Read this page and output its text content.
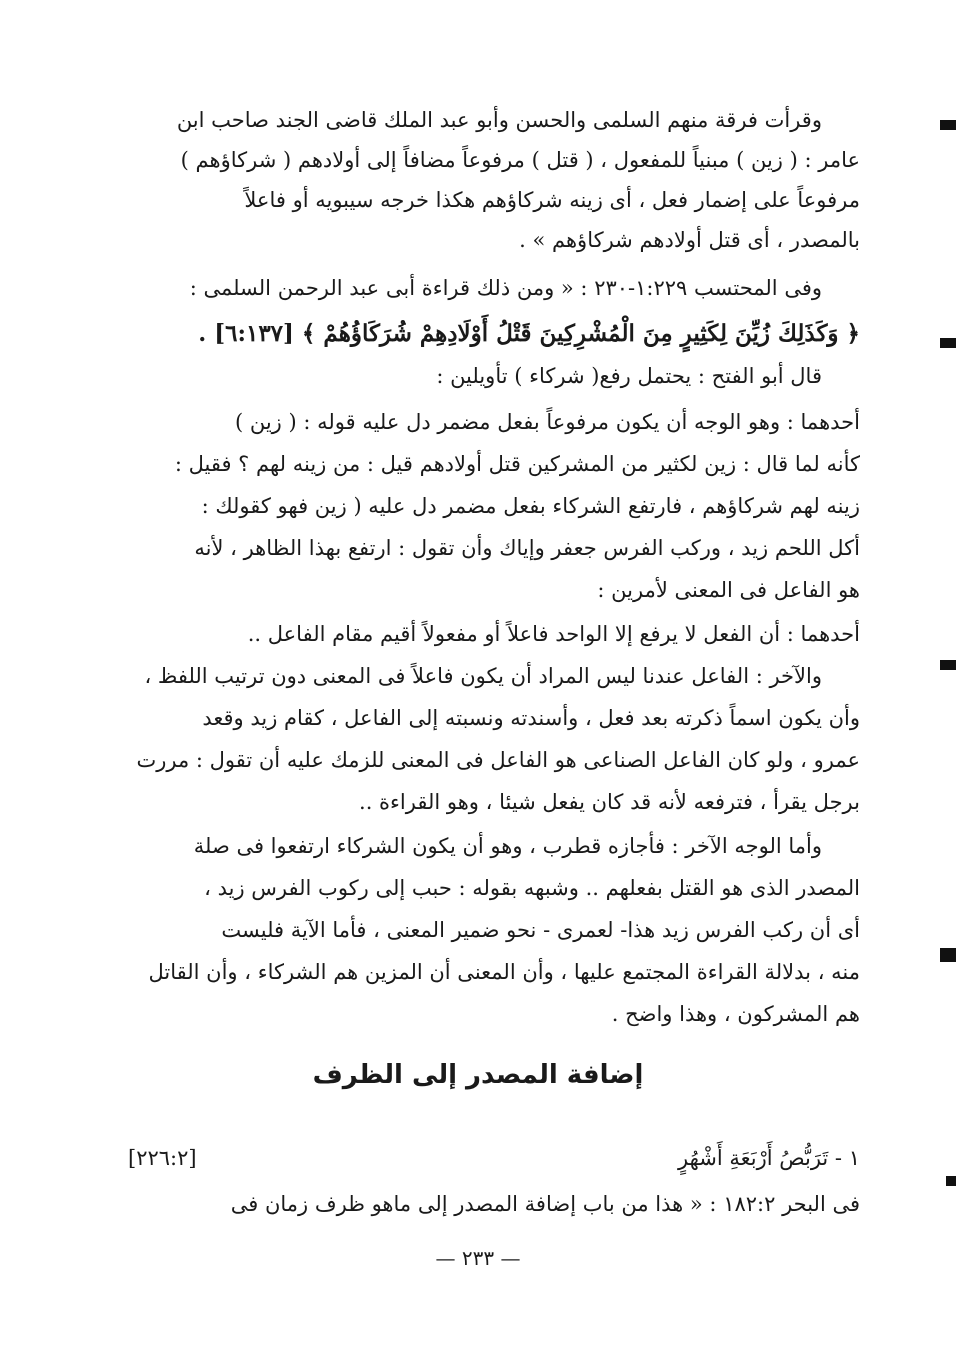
وقرأت فرقة منهم السلمى والحسن وأبو عبد الملك قاضى الجند صاحب ابن
عامر : ( زين ) مبنياً للمفعول ، ( قتل ) مرفوعاً مضافاً إلى أولادهم ( شركاؤهم )
مرفوعاً على إضمار فعل ، أى زينه شركاؤهم هكذا خرجه سيبويه أو فاعلاً
بالمصدر ، أى قتل أولادهم شركاؤهم » .
وفى المحتسب ١:٢٢٩-٢٣٠ : « ومن ذلك قراءة أبى عبد الرحمن السلمى :
﴿ وَكَذَلِكَ زُيِّنَ لِكَثِيرٍ مِنَ الْمُشْرِكِينَ قَتْلُ أَوْلَادِهِمْ شُرَكَاؤُهُمْ ﴾ [٦:١٣٧] .
قال أبو الفتح : يحتمل رفع( شركاء ) تأويلين :
أحدهما : وهو الوجه أن يكون مرفوعاً بفعل مضمر دل عليه قوله : ( زين )
كأنه لما قال : زين لكثير من المشركين قتل أولادهم قيل : من زينه لهم ؟ فقيل :
زينه لهم شركاؤهم ، فارتفع الشركاء بفعل مضمر دل عليه ( زين فهو كقولك :
أكل اللحم زيد ، وركب الفرس جعفر وإياك وأن تقول : ارتفع بهذا الظاهر ، لأنه
هو الفاعل فى المعنى لأمرين :
أحدهما : أن الفعل لا يرفع إلا الواحد فاعلاً أو مفعولاً أقيم مقام الفاعل ..
والآخر : الفاعل عندنا ليس المراد أن يكون فاعلاً فى المعنى دون ترتيب اللفظ ،
وأن يكون اسماً ذكرته بعد فعل ، وأسندته ونسبته إلى الفاعل ، كقام زيد وقعد
عمرو ، ولو كان الفاعل الصناعى هو الفاعل فى المعنى للزمك عليه أن تقول : مررت
برجل يقرأ ، فترفعه لأنه قد كان يفعل شيئا ، وهو القراءة ..
وأما الوجه الآخر : فأجازه قطرب ، وهو أن يكون الشركاء ارتفعوا فى صلة
المصدر الذى هو القتل بفعلهم .. وشبهه بقوله : حبب إلى ركوب الفرس زيد ،
أى أن ركب الفرس زيد هذا- لعمرى - نحو ضمير المعنى ، فأما الآية فليست
منه ، بدلالة القراءة المجتمع عليها ، وأن المعنى أن المزين هم الشركاء ، وأن القاتل
هم المشركون ، وهذا واضح .
إضافة المصدر إلى الظرف
١ - تَرَبُّصُ أَرْبَعَةِ أَشْهُرٍ
[٢٢٦:٢]
فى البحر ١٨٢:٢ : « هذا من باب إضافة المصدر إلى ماهو ظرف زمان فى
— ٢٣٣ —
